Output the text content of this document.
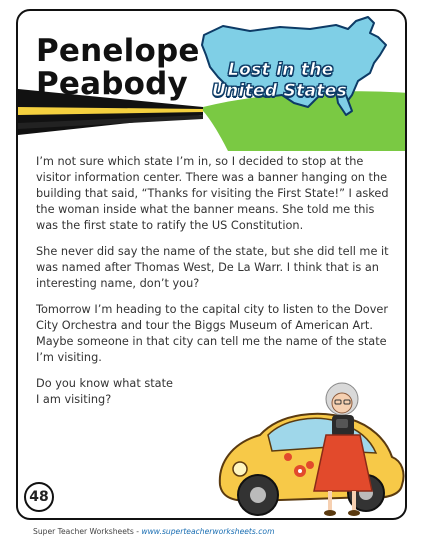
Penelope
Peabody	Lost in the
United States

I’m not sure which state I’m in, so I decided to stop at the visitor information center. There was a banner hanging on the building that said, “Thanks for visiting the First State!” I asked the woman inside what the banner means. She told me this was the first state to ratify the US Constitution.

She never did say the name of the state, but she did tell me it was named after Thomas West, De La Warr. I think that is an interesting name, don’t you?

Tomorrow I’m heading to the capital city to listen to the Dover City Orchestra and tour the Biggs Museum of American Art. Maybe someone in that city can tell me the name of the state I’m visiting.

Do you know what state I am visiting?

48
Super Teacher Worksheets - www.superteacherworksheets.com
